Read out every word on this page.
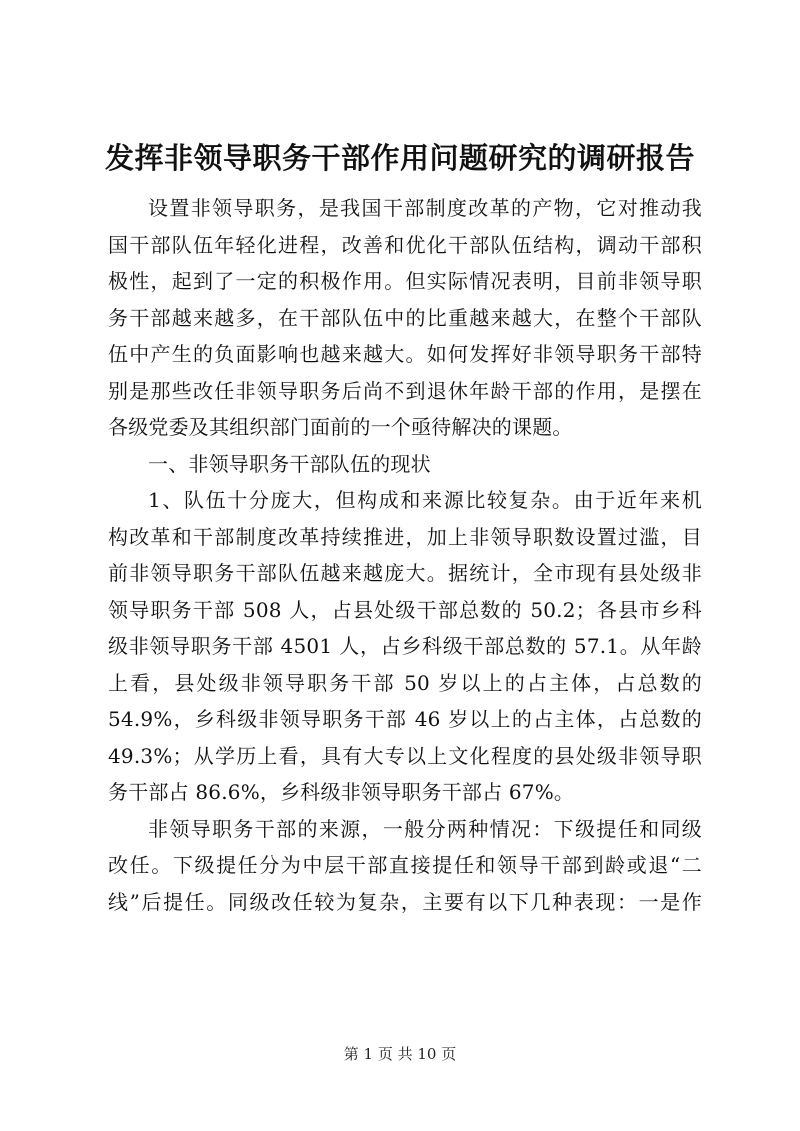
发挥非领导职务干部作用问题研究的调研报告
设置非领导职务，是我国干部制度改革的产物，它对推动我
国干部队伍年轻化进程，改善和优化干部队伍结构，调动干部积
极性，起到了一定的积极作用。但实际情况表明，目前非领导职
务干部越来越多，在干部队伍中的比重越来越大，在整个干部队
伍中产生的负面影响也越来越大。如何发挥好非领导职务干部特
别是那些改任非领导职务后尚不到退休年龄干部的作用，是摆在
各级党委及其组织部门面前的一个亟待解决的课题。
一、非领导职务干部队伍的现状
1、队伍十分庞大，但构成和来源比较复杂。由于近年来机
构改革和干部制度改革持续推进，加上非领导职数设置过滥，目
前非领导职务干部队伍越来越庞大。据统计，全市现有县处级非
领导职务干部 508 人，占县处级干部总数的 50.2；各县市乡科
级非领导职务干部 4501 人，占乡科级干部总数的 57.1。从年龄
上看，县处级非领导职务干部 50 岁以上的占主体，占总数的
54.9%，乡科级非领导职务干部 46 岁以上的占主体，占总数的
49.3%；从学历上看，具有大专以上文化程度的县处级非领导职
务干部占 86.6%，乡科级非领导职务干部占 67%。
非领导职务干部的来源，一般分两种情况：下级提任和同级
改任。下级提任分为中层干部直接提任和领导干部到龄或退“二
线”后提任。同级改任较为复杂，主要有以下几种表现：一是作
第 1 页 共 10 页
